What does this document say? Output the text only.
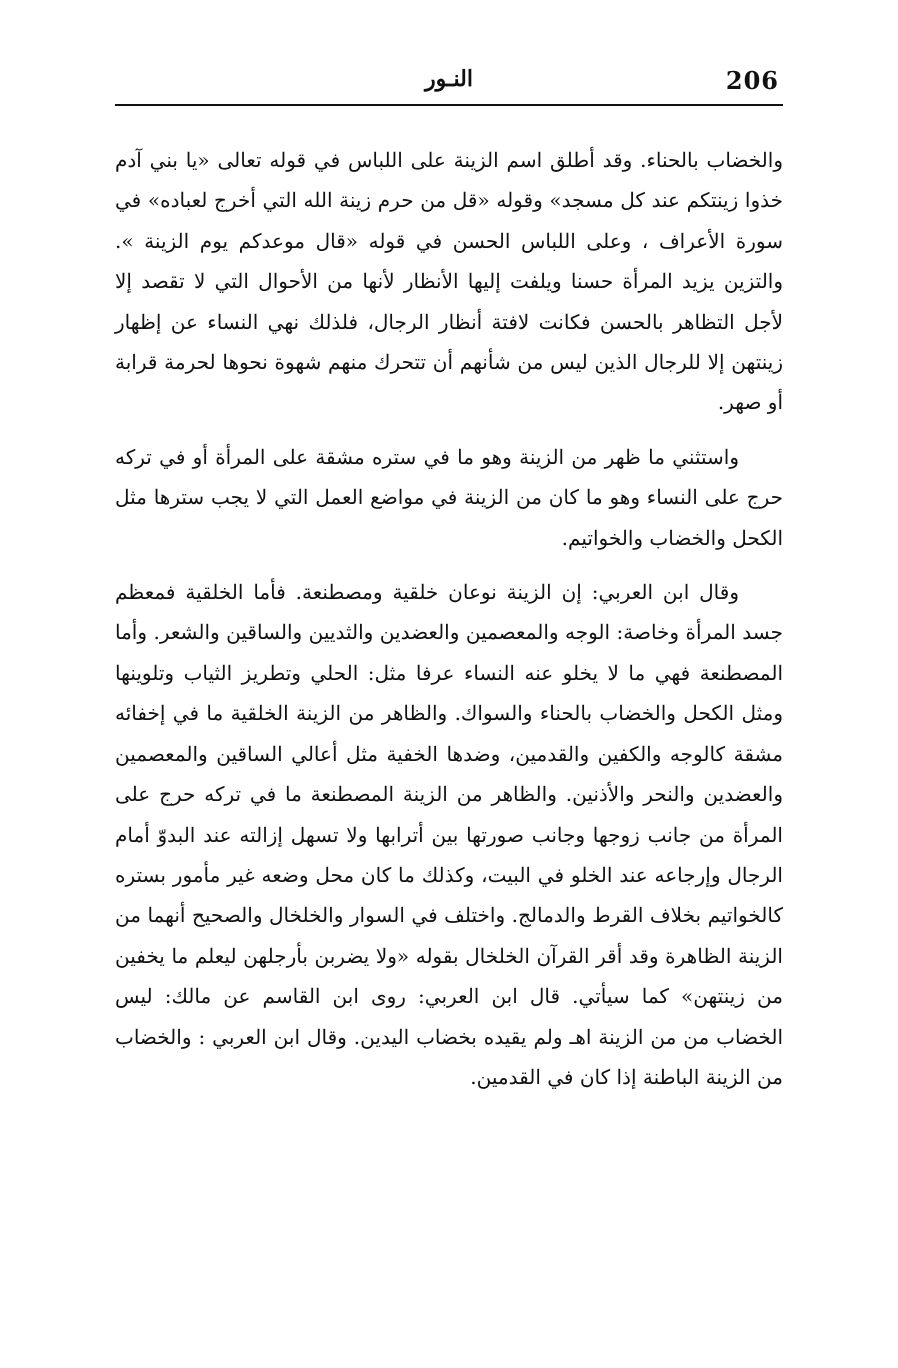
206
النـور

والخضاب بالحناء. وقد أطلق اسم الزينة على اللباس في قوله تعالى «يا بني آدم خذوا زينتكم عند كل مسجد» وقوله «قل من حرم زينة الله التي أخرج لعباده» في سورة الأعراف ، وعلى اللباس الحسن في قوله «قال موعدكم يوم الزينة ». والتزين يزيد المرأة حسنا ويلفت إليها الأنظار لأنها من الأحوال التي لا تقصد إلا لأجل التظاهر بالحسن فكانت لافتة أنظار الرجال، فلذلك نهي النساء عن إظهار زينتهن إلا للرجال الذين ليس من شأنهم أن تتحرك منهم شهوة نحوها لحرمة قرابة أو صهر.

واستثني ما ظهر من الزينة وهو ما في ستره مشقة على المرأة أو في تركه حرج على النساء وهو ما كان من الزينة في مواضع العمل التي لا يجب سترها مثل الكحل والخضاب والخواتيم.

وقال ابن العربي: إن الزينة نوعان خلقية ومصطنعة. فأما الخلقية فمعظم جسد المرأة وخاصة: الوجه والمعصمين والعضدين والثديين والساقين والشعر. وأما المصطنعة فهي ما لا يخلو عنه النساء عرفا مثل: الحلي وتطريز الثياب وتلوينها ومثل الكحل والخضاب بالحناء والسواك. والظاهر من الزينة الخلقية ما في إخفائه مشقة كالوجه والكفين والقدمين، وضدها الخفية مثل أعالي الساقين والمعصمين والعضدين والنحر والأذنين. والظاهر من الزينة المصطنعة ما في تركه حرج على المرأة من جانب زوجها وجانب صورتها بين أترابها ولا تسهل إزالته عند البدوّ أمام الرجال وإرجاعه عند الخلو في البيت، وكذلك ما كان محل وضعه غير مأمور بستره كالخواتيم بخلاف القرط والدمالج. واختلف في السوار والخلخال والصحيح أنهما من الزينة الظاهرة وقد أقر القرآن الخلخال بقوله «ولا يضربن بأرجلهن ليعلم ما يخفين من زينتهن» كما سيأتي. قال ابن العربي: روى ابن القاسم عن مالك: ليس الخضاب من من الزينة اهـ ولم يقيده بخضاب اليدين. وقال ابن العربي : والخضاب من الزينة الباطنة إذا كان في القدمين.
